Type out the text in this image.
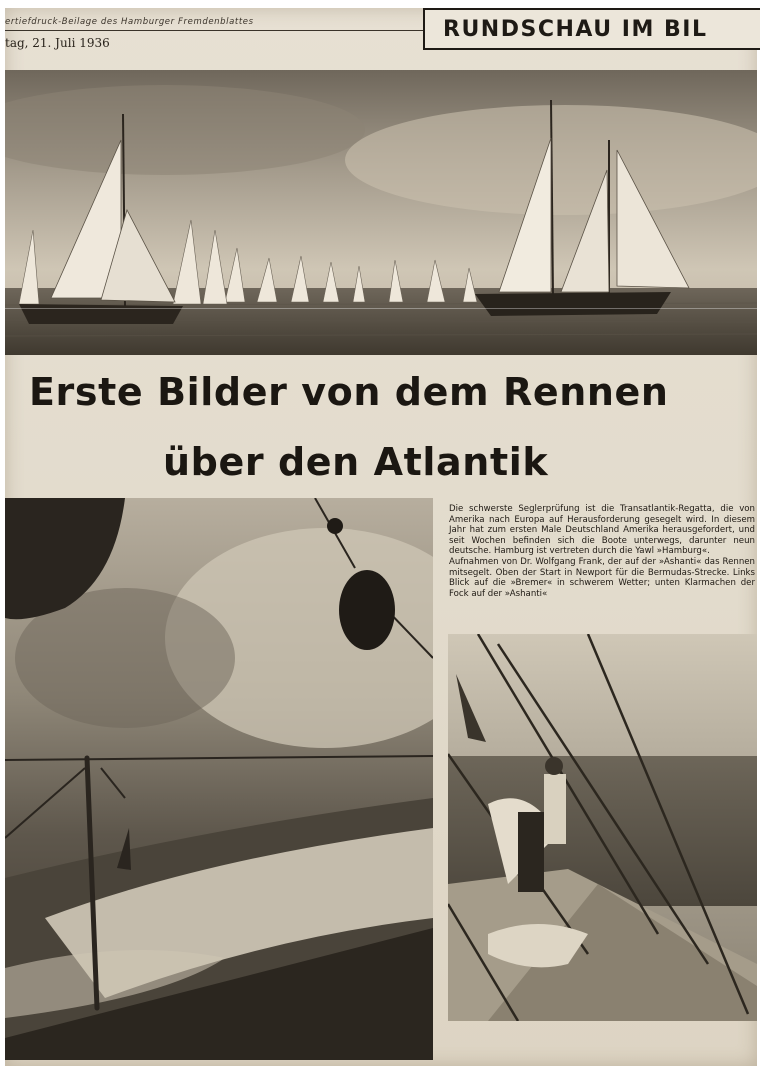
ertiefdruck-Beilage des Hamburger Fremdenblattes
tag, 21. Juli 1936
RUNDSCHAU IM BIL
Erste Bilder von dem Rennen
über den Atlantik

Die schwerste Seglerprüfung ist die Transatlantik-Regatta, die von Amerika nach Europa auf Herausforderung gesegelt wird. In diesem Jahr hat zum ersten Male Deutschland Amerika herausgefordert, und seit Wochen befinden sich die Boote unterwegs, darunter neun deutsche. Hamburg ist vertreten durch die Yawl »Hamburg«.

Aufnahmen von Dr. Wolfgang Frank, der auf der »Ashanti« das Rennen mitsegelt. Oben der Start in Newport für die Bermudas-Strecke. Links Blick auf die »Bremer« in schwerem Wetter; unten Klarmachen der Fock auf der »Ashanti«
